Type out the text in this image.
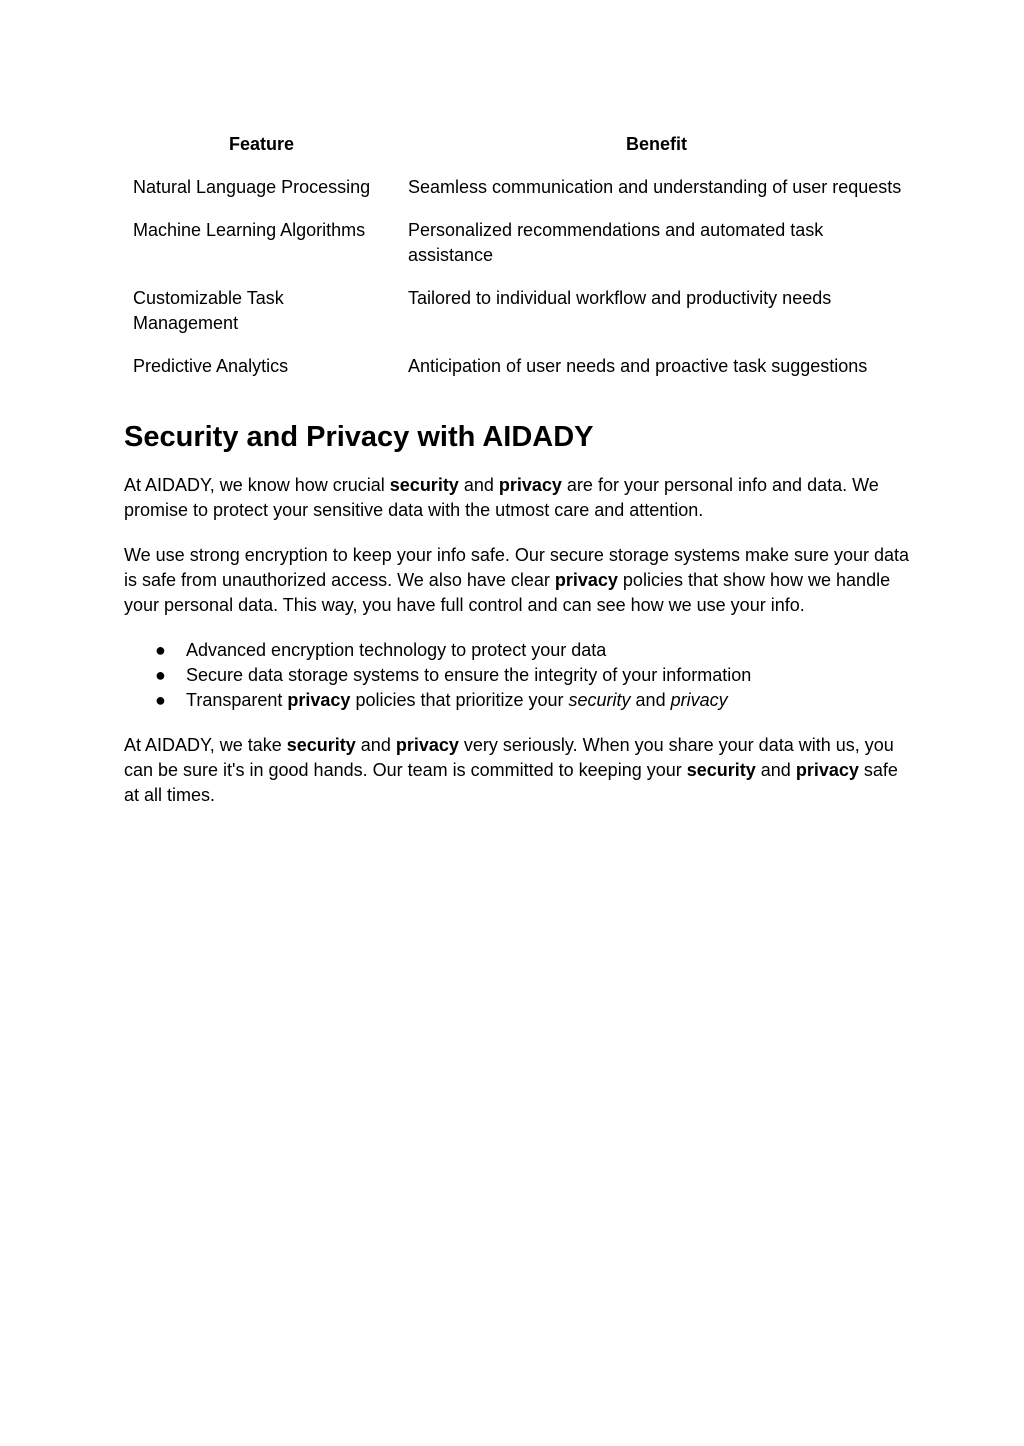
Feature	Benefit
Natural Language Processing	Seamless communication and understanding of user requests
Machine Learning Algorithms	Personalized recommendations and automated task assistance
Customizable Task Management	Tailored to individual workflow and productivity needs
Predictive Analytics	Anticipation of user needs and proactive task suggestions
Security and Privacy with AIDADY

At AIDADY, we know how crucial security and privacy are for your personal info and data. We promise to protect your sensitive data with the utmost care and attention.

We use strong encryption to keep your info safe. Our secure storage systems make sure your data is safe from unauthorized access. We also have clear privacy policies that show how we handle your personal data. This way, you have full control and can see how we use your info.

● Advanced encryption technology to protect your data
● Secure data storage systems to ensure the integrity of your information
● Transparent privacy policies that prioritize your security and privacy

At AIDADY, we take security and privacy very seriously. When you share your data with us, you can be sure it's in good hands. Our team is committed to keeping your security and privacy safe at all times.
